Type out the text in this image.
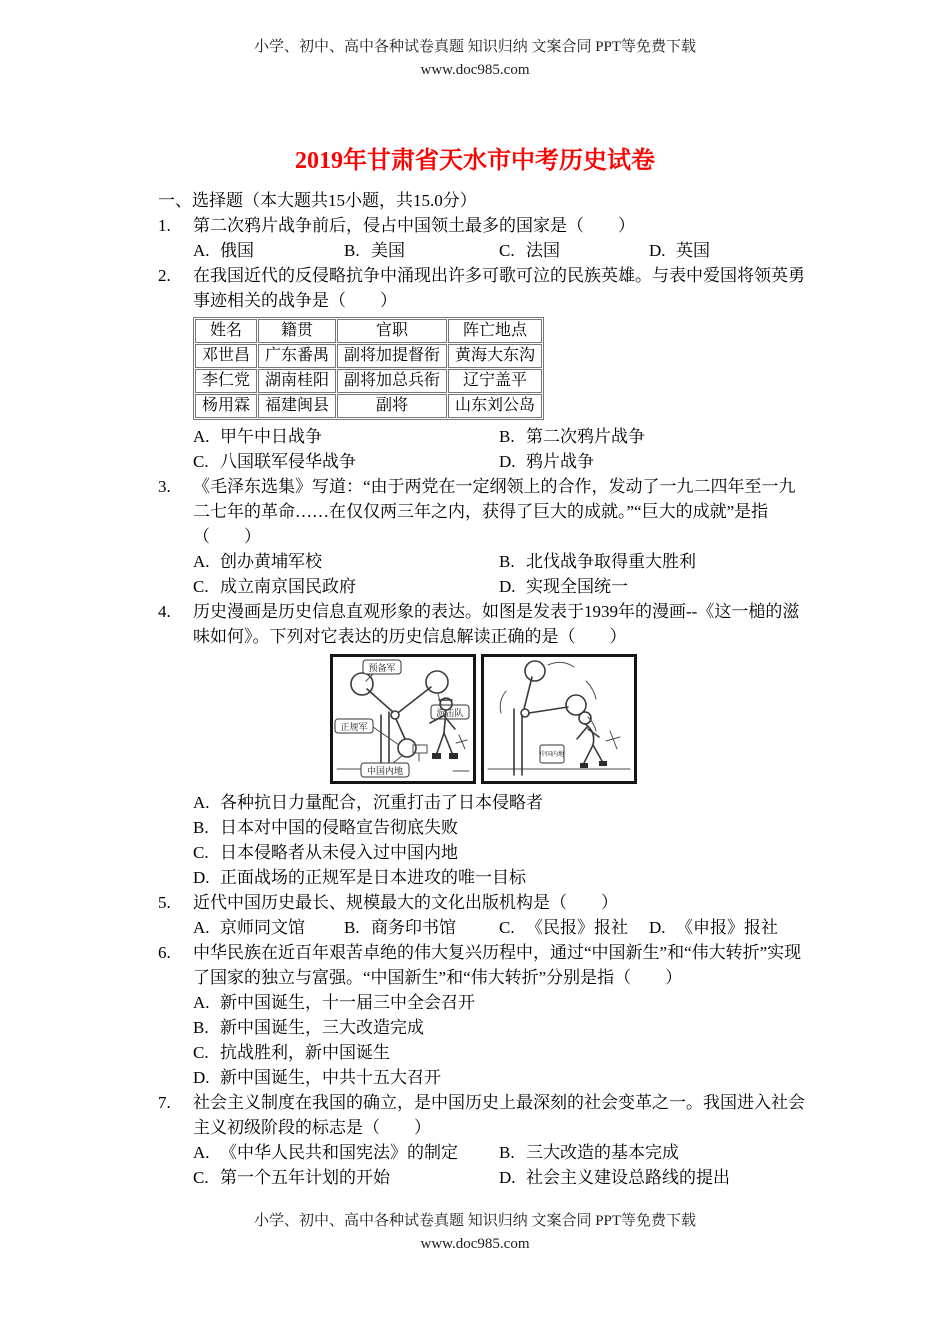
小学、初中、高中各种试卷真题 知识归纳 文案合同 PPT等免费下载
www.doc985.com
2019年甘肃省天水市中考历史试卷
一、选择题（本大题共15小题，共15.0分）
1. 第二次鸦片战争前后，侵占中国领土最多的国家是（　　）
A. 俄国	B. 美国	C. 法国	D. 英国
2. 在我国近代的反侵略抗争中涌现出许多可歌可泣的民族英雄。与表中爱国将领英勇事迹相关的战争是（　　）
姓名	籍贯	官职	阵亡地点
邓世昌	广东番禺	副将加提督衔	黄海大东沟
李仁党	湖南桂阳	副将加总兵衔	辽宁盖平
杨用霖	福建闽县	副将	山东刘公岛
A. 甲午中日战争	B. 第二次鸦片战争
C. 八国联军侵华战争	D. 鸦片战争
3. 《毛泽东选集》写道：“由于两党在一定纲领上的合作，发动了一九二四年至一九二七年的革命……在仅仅两三年之内，获得了巨大的成就。”“巨大的成就”是指（　　）
A. 创办黄埔军校	B. 北伐战争取得重大胜利
C. 成立南京国民政府	D. 实现全国统一
4. 历史漫画是历史信息直观形象的表达。如图是发表于1939年的漫画--《这一槌的滋味如何》。下列对它表达的历史信息解读正确的是（　　）
预备军
游击队
正规军
中国内地
中国内地
A. 各种抗日力量配合，沉重打击了日本侵略者
B. 日本对中国的侵略宣告彻底失败
C. 日本侵略者从未侵入过中国内地
D. 正面战场的正规军是日本进攻的唯一目标
5. 近代中国历史最长、规模最大的文化出版机构是（　　）
A. 京师同文馆	B. 商务印书馆	C. 《民报》报社	D. 《申报》报社
6. 中华民族在近百年艰苦卓绝的伟大复兴历程中，通过“中国新生”和“伟大转折”实现了国家的独立与富强。“中国新生”和“伟大转折”分别是指（　　）
A. 新中国诞生，十一届三中全会召开
B. 新中国诞生，三大改造完成
C. 抗战胜利，新中国诞生
D. 新中国诞生，中共十五大召开
7. 社会主义制度在我国的确立，是中国历史上最深刻的社会变革之一。我国进入社会主义初级阶段的标志是（　　）
A. 《中华人民共和国宪法》的制定	B. 三大改造的基本完成
C. 第一个五年计划的开始	D. 社会主义建设总路线的提出
小学、初中、高中各种试卷真题 知识归纳 文案合同 PPT等免费下载
www.doc985.com
